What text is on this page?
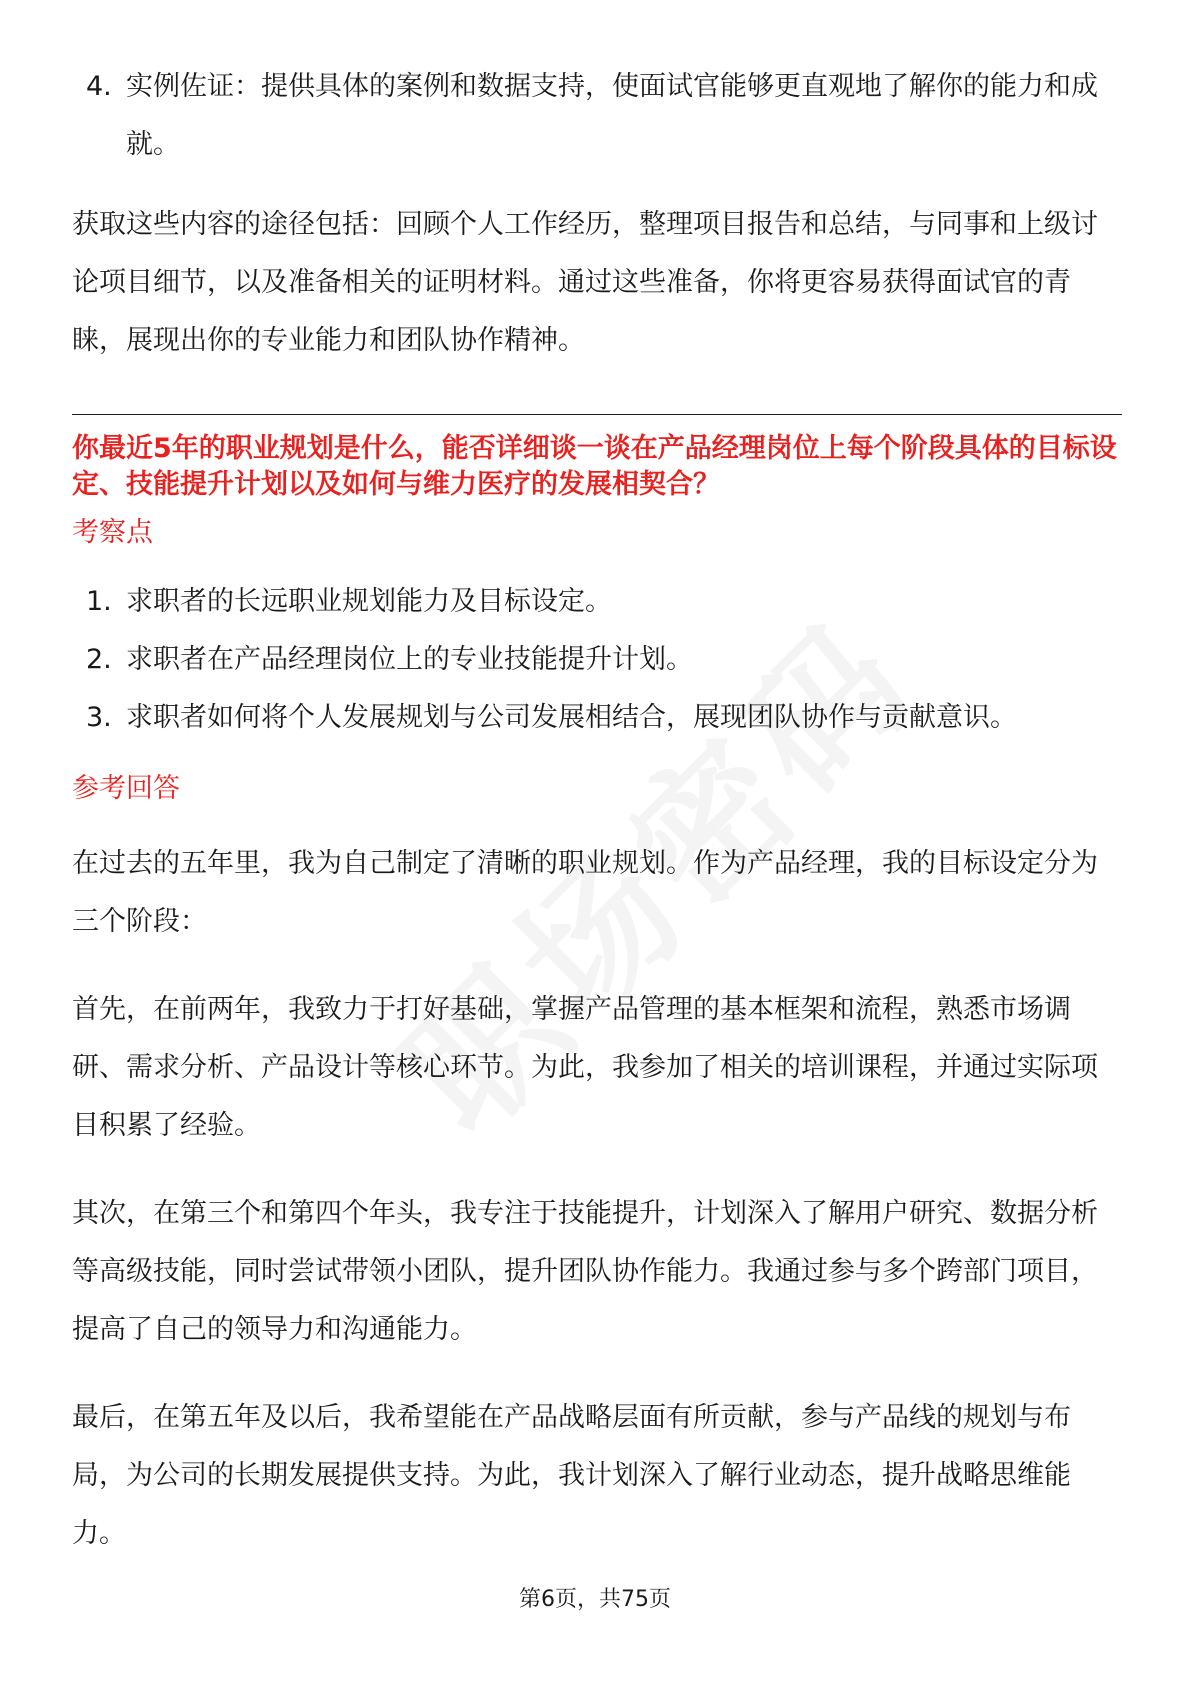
4. 实例佐证：提供具体的案例和数据支持，使面试官能够更直观地了解你的能力和成就。

获取这些内容的途径包括：回顾个人工作经历，整理项目报告和总结，与同事和上级讨论项目细节，以及准备相关的证明材料。通过这些准备，你将更容易获得面试官的青睐，展现出你的专业能力和团队协作精神。

你最近5年的职业规划是什么，能否详细谈一谈在产品经理岗位上每个阶段具体的目标设定、技能提升计划以及如何与维力医疗的发展相契合？

考察点

1. 求职者的长远职业规划能力及目标设定。
2. 求职者在产品经理岗位上的专业技能提升计划。
3. 求职者如何将个人发展规划与公司发展相结合，展现团队协作与贡献意识。

参考回答

在过去的五年里，我为自己制定了清晰的职业规划。作为产品经理，我的目标设定分为三个阶段：

首先，在前两年，我致力于打好基础，掌握产品管理的基本框架和流程，熟悉市场调研、需求分析、产品设计等核心环节。为此，我参加了相关的培训课程，并通过实际项目积累了经验。

其次，在第三个和第四个年头，我专注于技能提升，计划深入了解用户研究、数据分析等高级技能，同时尝试带领小团队，提升团队协作能力。我通过参与多个跨部门项目，提高了自己的领导力和沟通能力。

最后，在第五年及以后，我希望能在产品战略层面有所贡献，参与产品线的规划与布局，为公司的长期发展提供支持。为此，我计划深入了解行业动态，提升战略思维能力。

第6页，共75页
